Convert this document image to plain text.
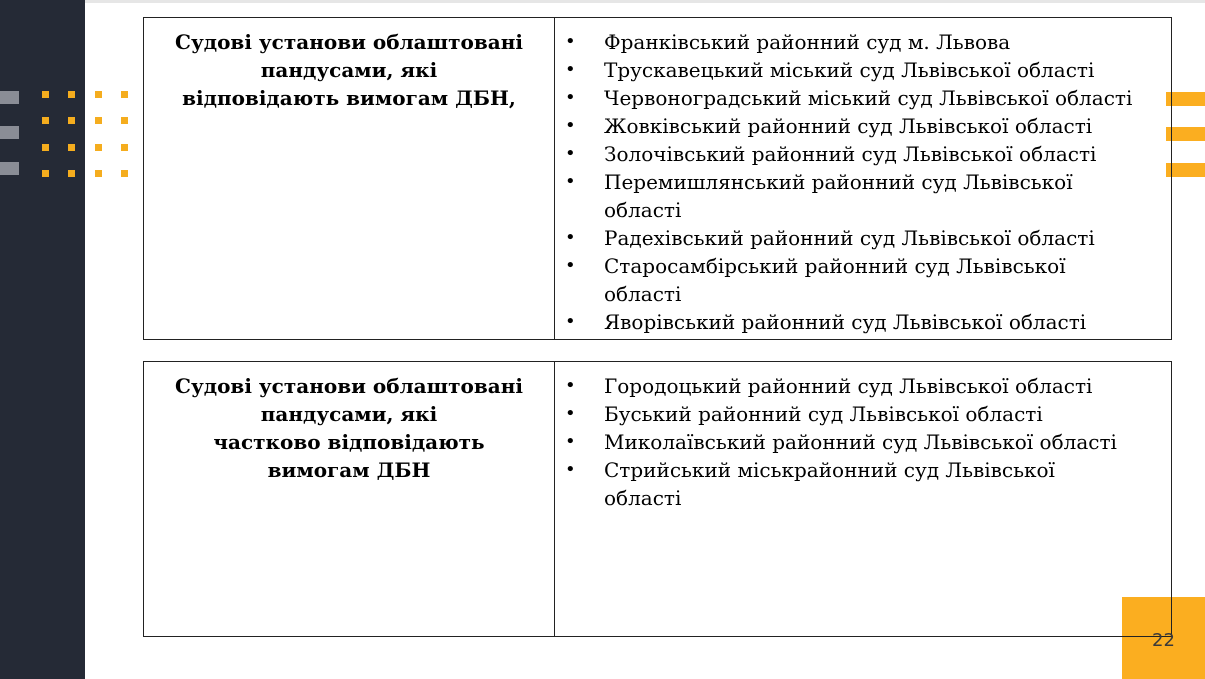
22
Судові установи облаштовані
пандусами, які
відповідають вимогам ДБН,

• Франківський районний суд м. Львова
• Трускавецький міський суд Львівської області
• Червоноградський міський суд Львівської області
• Жовківський районний суд Львівської області
• Золочівський районний суд Львівської області
• Перемишлянський районний суд Львівської області
• Радехівський районний суд Львівської області
• Старосамбірський районний суд Львівської області
• Яворівський районний суд Львівської області
Судові установи облаштовані
пандусами, які
частково відповідають
вимогам ДБН

• Городоцький районний суд Львівської області
• Буський районний суд Львівської області
• Миколаївський районний суд Львівської області
• Стрийський міськрайонний суд Львівської області
